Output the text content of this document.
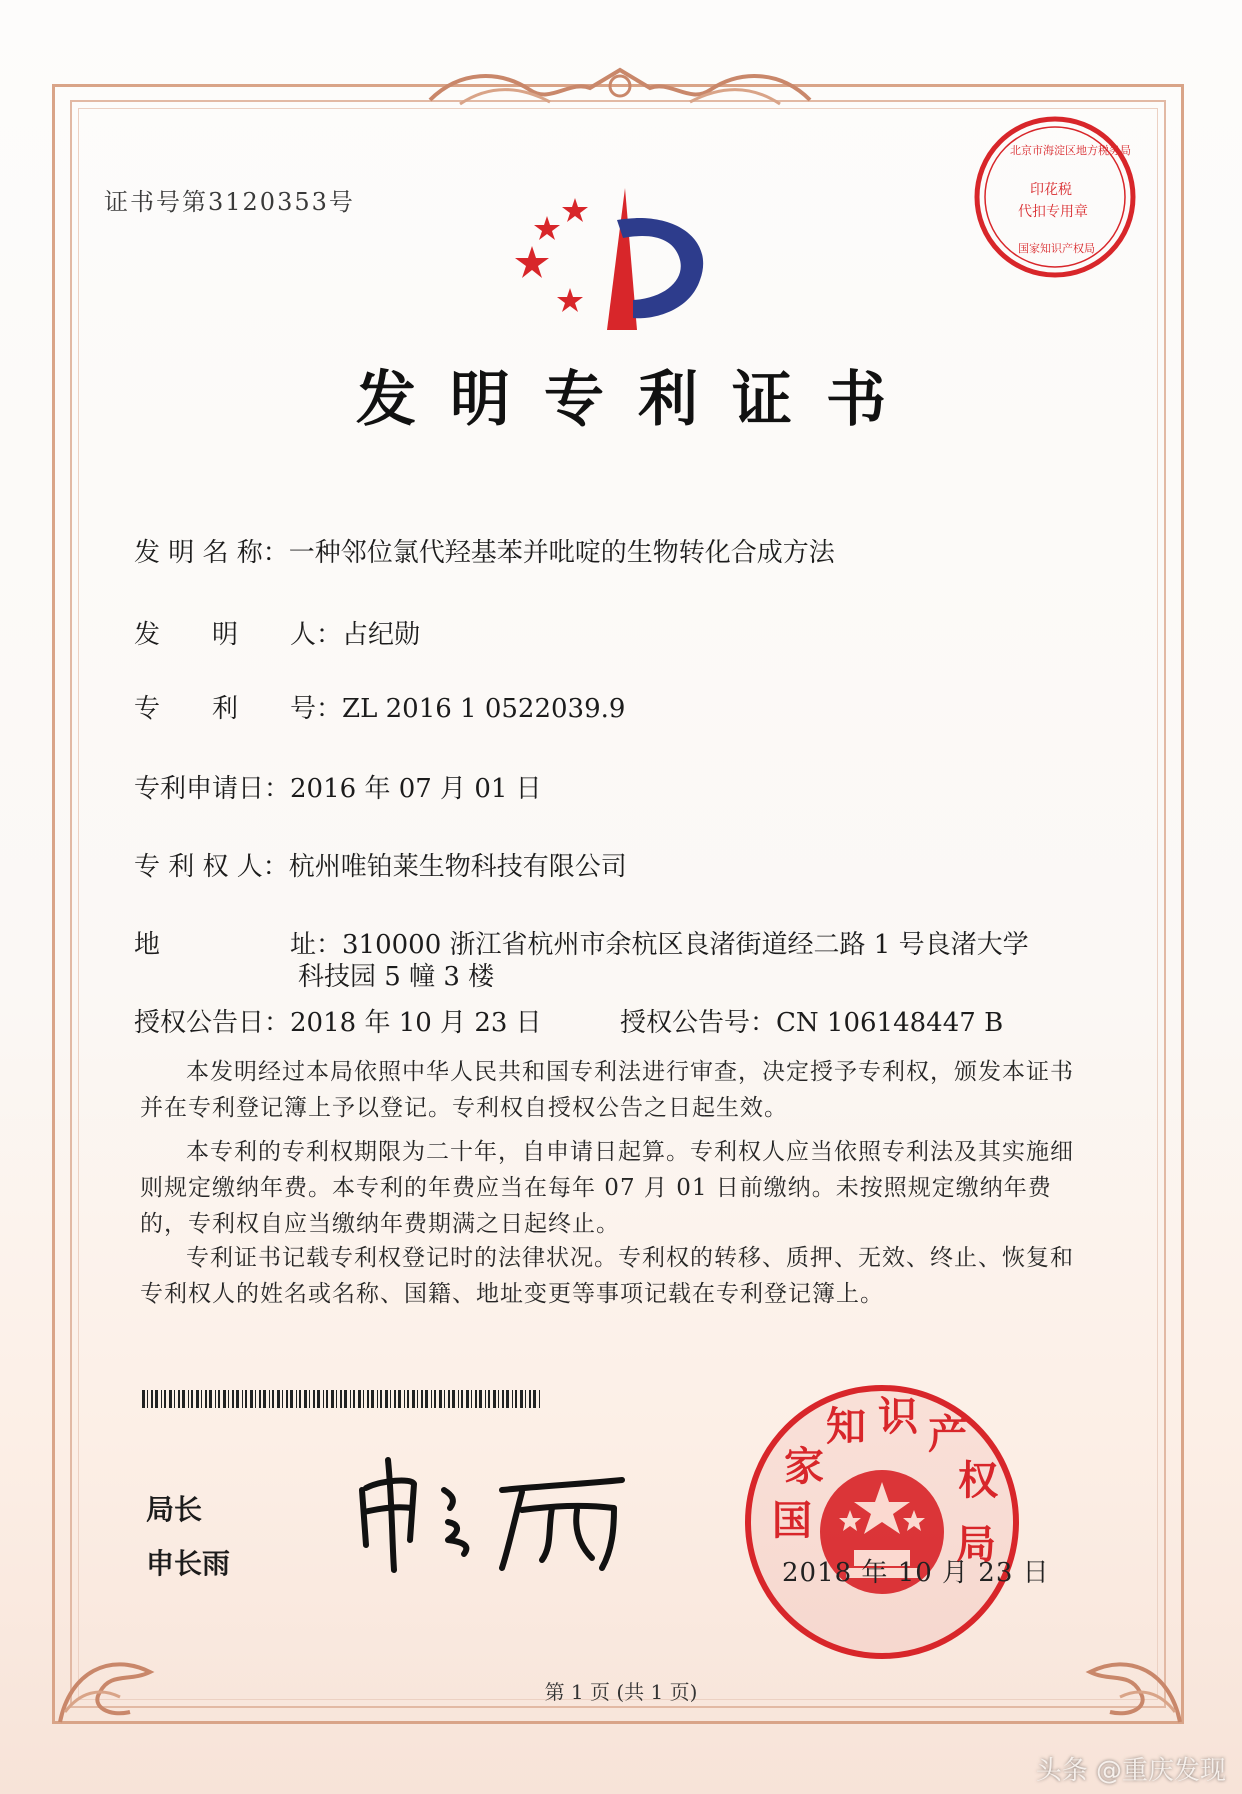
证书号第3120353号
发明专利证书
发 明 名 称：一种邻位氯代羟基苯并吡啶的生物转化合成方法
发　　明　　人：占纪勋
专　　利　　号：ZL 2016 1 0522039.9
专利申请日：2016 年 07 月 01 日
专 利 权 人：杭州唯铂莱生物科技有限公司
地　　　　　址：310000 浙江省杭州市余杭区良渚街道经二路 1 号良渚大学
科技园 5 幢 3 楼
授权公告日：2018 年 10 月 23 日	授权公告号：CN 106148447 B
本发明经过本局依照中华人民共和国专利法进行审查，决定授予专利权，颁发本证书并在专利登记簿上予以登记。专利权自授权公告之日起生效。
本专利的专利权期限为二十年，自申请日起算。专利权人应当依照专利法及其实施细则规定缴纳年费。本专利的年费应当在每年 07 月 01 日前缴纳。未按照规定缴纳年费的，专利权自应当缴纳年费期满之日起终止。
专利证书记载专利权登记时的法律状况。专利权的转移、质押、无效、终止、恢复和专利权人的姓名或名称、国籍、地址变更等事项记载在专利登记簿上。
局长
申长雨
北京市海淀区地方税务局
印花税
代扣专用章
国家知识产权局
国
家
知 识 产
权
局
2018 年 10 月 23 日
第 1 页 (共 1 页)
头条 @重庆发现
